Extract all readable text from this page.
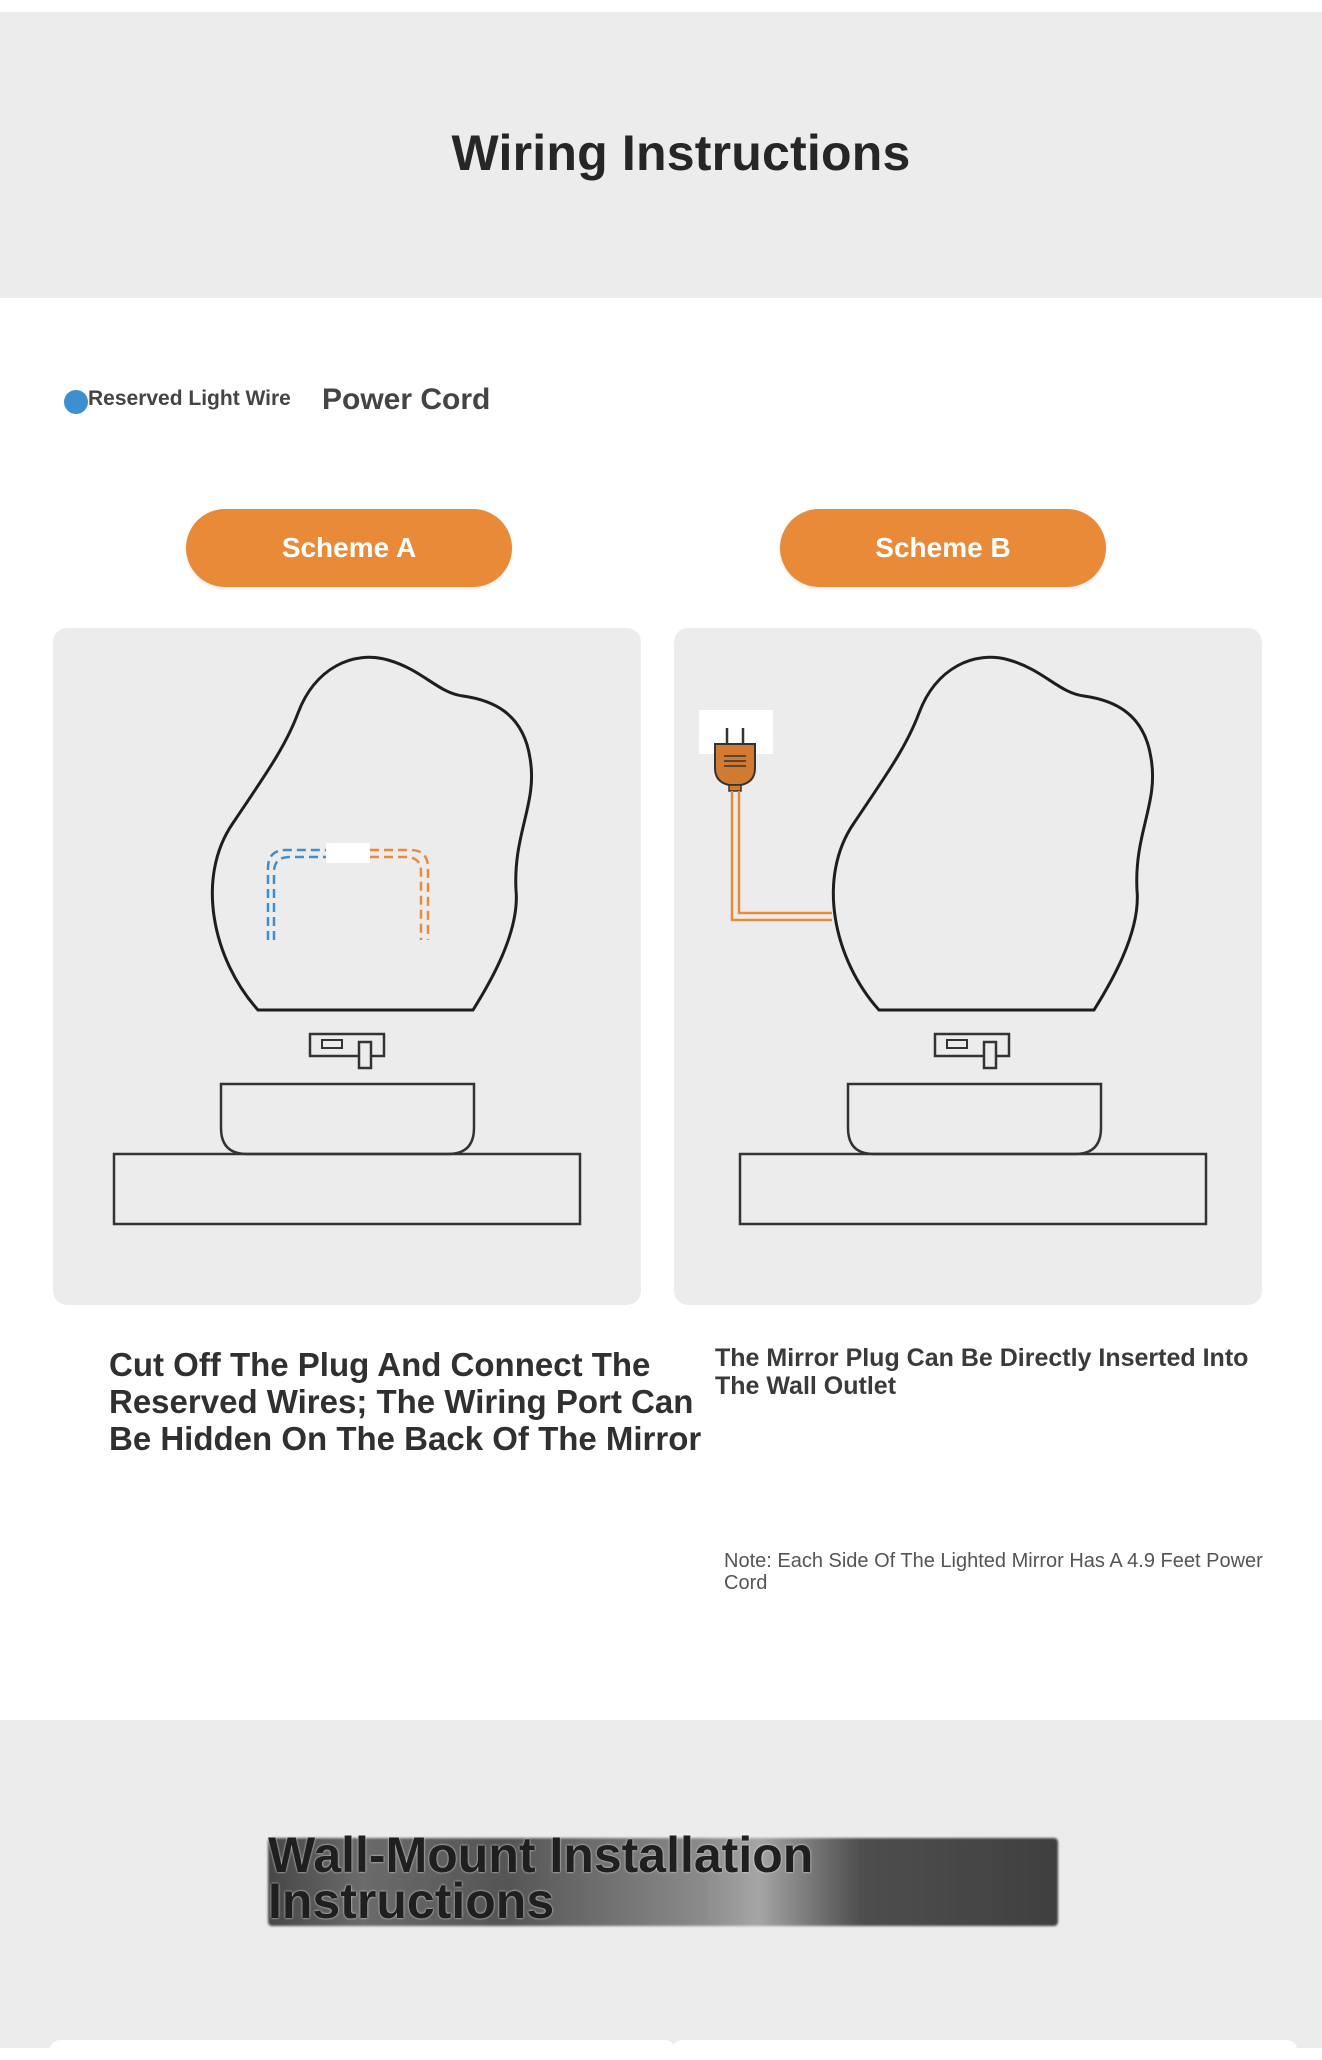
Wiring Instructions
Reserved Light Wire Power Cord
Scheme A	Scheme B
Cut Off The Plug And Connect The Reserved Wires; The Wiring Port Can Be Hidden On The Back Of The Mirror
The Mirror Plug Can Be Directly Inserted Into The Wall Outlet
Note: Each Side Of The Lighted Mirror Has A 4.9 Feet Power Cord
Wall-Mount Installation Instructions
